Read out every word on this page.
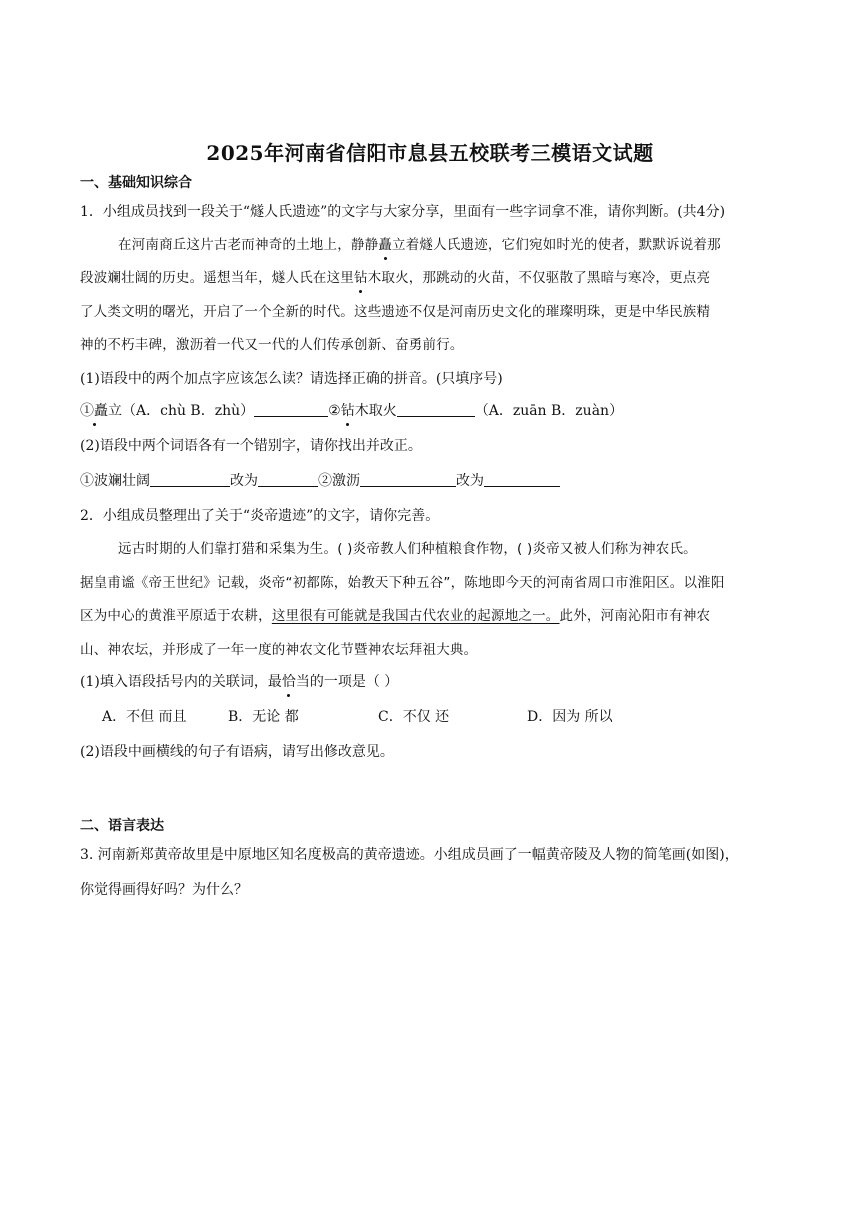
2025年河南省信阳市息县五校联考三模语文试题
一、基础知识综合
1．小组成员找到一段关于“燧人氏遗迹”的文字与大家分享，里面有一些字词拿不准，请你判断。(共4分)
在河南商丘这片古老而神奇的土地上，静静矗立着燧人氏遗迹，它们宛如时光的使者，默默诉说着那
段波斓壮阔的历史。遥想当年，燧人氏在这里钻木取火，那跳动的火苗，不仅驱散了黑暗与寒冷，更点亮
了人类文明的曙光，开启了一个全新的时代。这些遗迹不仅是河南历史文化的璀璨明珠，更是中华民族精
神的不朽丰碑，激沥着一代又一代的人们传承创新、奋勇前行。
(1)语段中的两个加点字应该怎么读？请选择正确的拼音。(只填序号)
①矗立（A．chù B．zhù）	②钻木取火	（A．zuān B．zuàn）
(2)语段中两个词语各有一个错别字，请你找出并改正。
①波斓壮阔	改为	②激沥	改为
2．小组成员整理出了关于“炎帝遗迹”的文字，请你完善。
远古时期的人们靠打猎和采集为生。( )炎帝教人们种植粮食作物，( )炎帝又被人们称为神农氏。
据皇甫谧《帝王世纪》记载，炎帝“初都陈，始教天下种五谷”，陈地即今天的河南省周口市淮阳区。以淮阳
区为中心的黄淮平原适于农耕，这里很有可能就是我国古代农业的起源地之一。此外，河南沁阳市有神农
山、神农坛，并形成了一年一度的神农文化节暨神农坛拜祖大典。
(1)填入语段括号内的关联词，最恰当的一项是（ ）
A．不但 而且	B．无论 都	C．不仅 还	D．因为 所以
(2)语段中画横线的句子有语病，请写出修改意见。
二、语言表达
3. 河南新郑黄帝故里是中原地区知名度极高的黄帝遗迹。小组成员画了一幅黄帝陵及人物的简笔画(如图)，
你觉得画得好吗？为什么？
